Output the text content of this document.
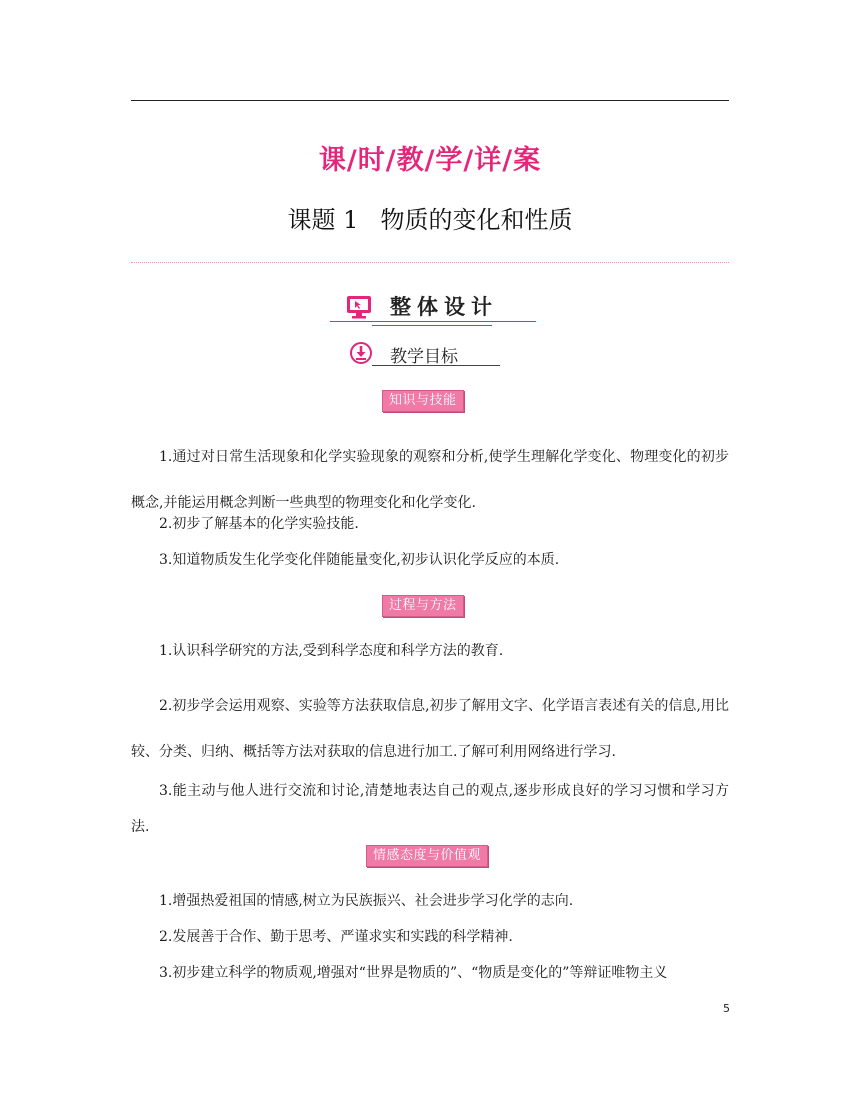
课/时/教/学/详/案
课题 1 物质的变化和性质
整体设计
教学目标
知识与技能

1.通过对日常生活现象和化学实验现象的观察和分析,使学生理解化学变化、物理变化的初步概念,并能运用概念判断一些典型的物理变化和化学变化.

2.初步了解基本的化学实验技能.

3.知道物质发生化学变化伴随能量变化,初步认识化学反应的本质.

过程与方法

1.认识科学研究的方法,受到科学态度和科学方法的教育.

2.初步学会运用观察、实验等方法获取信息,初步了解用文字、化学语言表述有关的信息,用比较、分类、归纳、概括等方法对获取的信息进行加工.了解可利用网络进行学习.

3.能主动与他人进行交流和讨论,清楚地表达自己的观点,逐步形成良好的学习习惯和学习方法.

情感态度与价值观

1.增强热爱祖国的情感,树立为民族振兴、社会进步学习化学的志向.

2.发展善于合作、勤于思考、严谨求实和实践的科学精神.

3.初步建立科学的物质观,增强对“世界是物质的”、“物质是变化的”等辩证唯物主义

5
